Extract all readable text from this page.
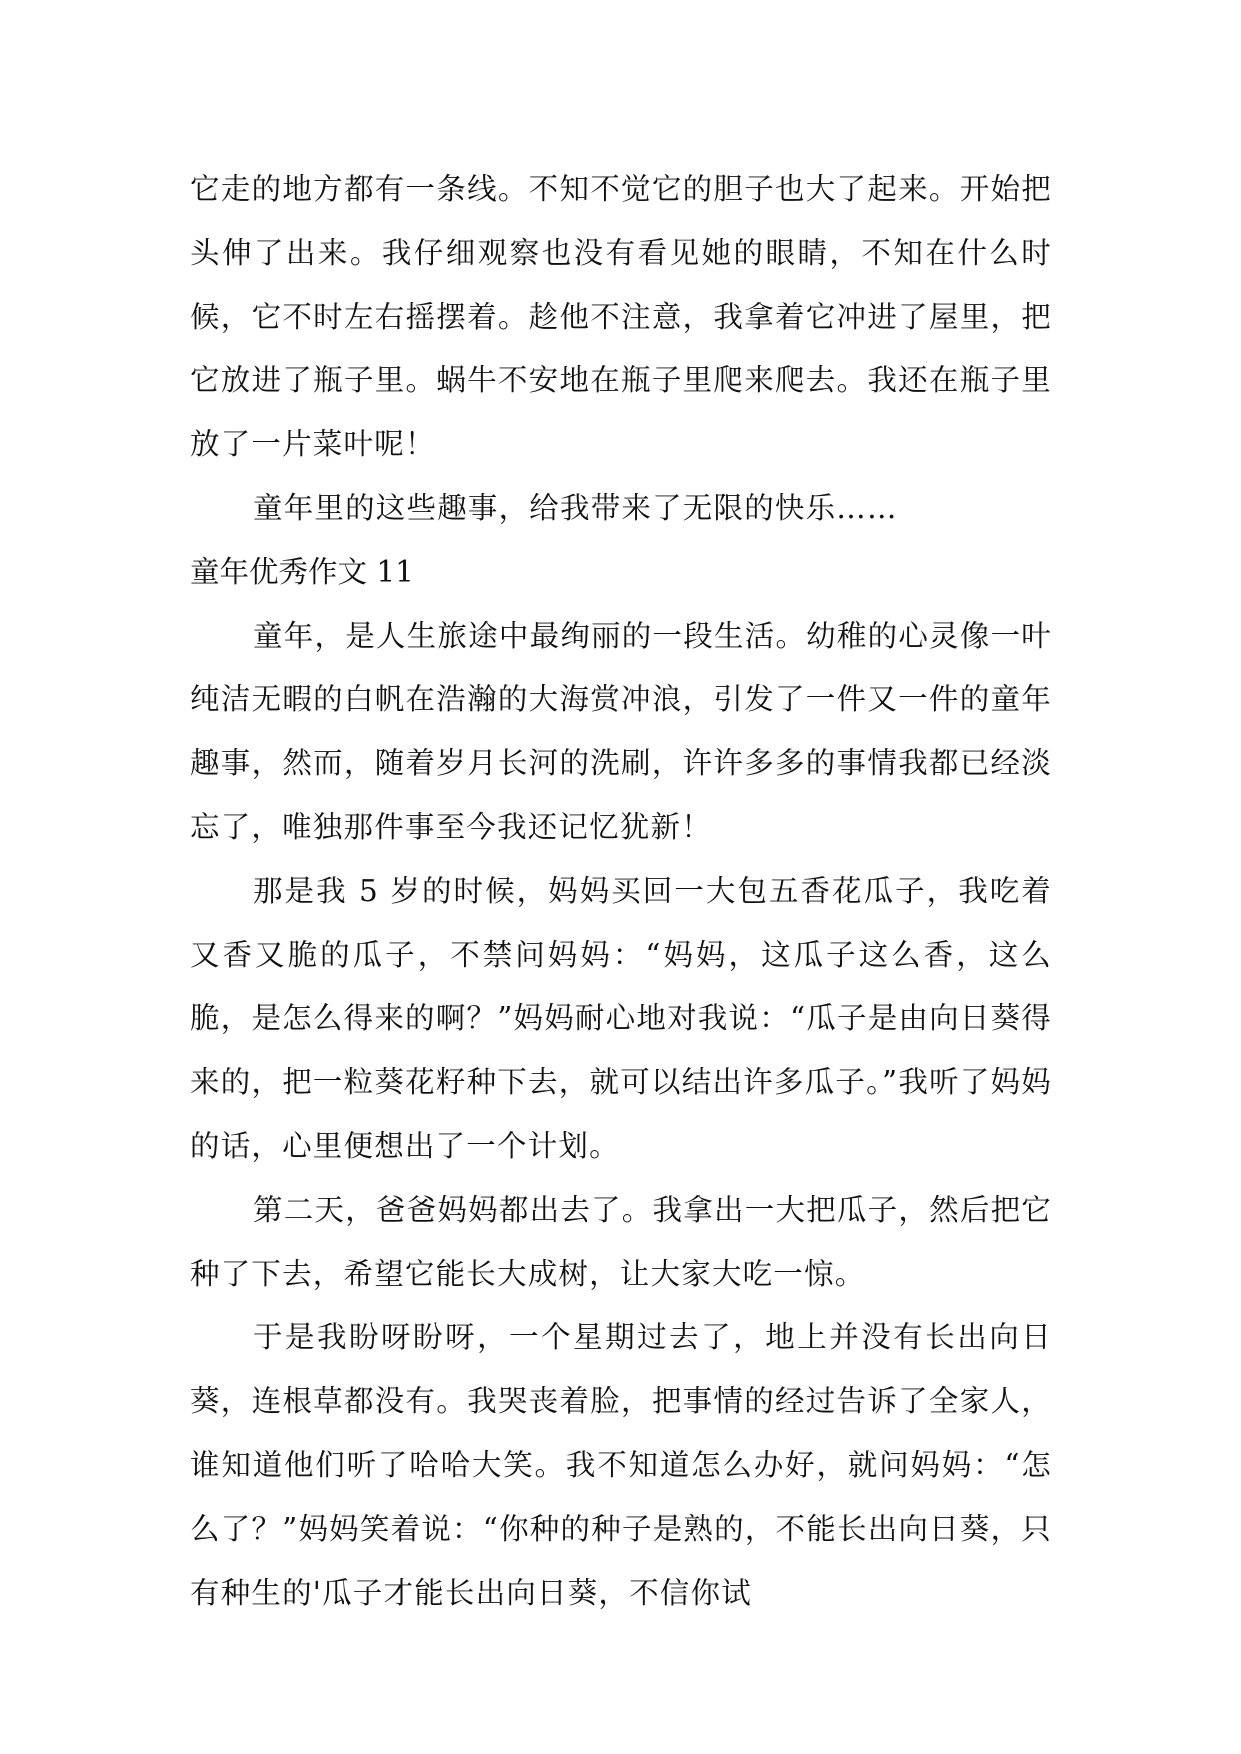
它走的地方都有一条线。不知不觉它的胆子也大了起来。开始把头伸了出来。我仔细观察也没有看见她的眼睛，不知在什么时候，它不时左右摇摆着。趁他不注意，我拿着它冲进了屋里，把它放进了瓶子里。蜗牛不安地在瓶子里爬来爬去。我还在瓶子里放了一片菜叶呢！

童年里的这些趣事，给我带来了无限的快乐……

童年优秀作文 11

童年，是人生旅途中最绚丽的一段生活。幼稚的心灵像一叶纯洁无暇的白帆在浩瀚的大海赏冲浪，引发了一件又一件的童年趣事，然而，随着岁月长河的洗刷，许许多多的事情我都已经淡忘了，唯独那件事至今我还记忆犹新！

那是我 5 岁的时候，妈妈买回一大包五香花瓜子，我吃着又香又脆的瓜子，不禁问妈妈：“妈妈，这瓜子这么香，这么脆，是怎么得来的啊？”妈妈耐心地对我说：“瓜子是由向日葵得来的，把一粒葵花籽种下去，就可以结出许多瓜子。”我听了妈妈的话，心里便想出了一个计划。

第二天，爸爸妈妈都出去了。我拿出一大把瓜子，然后把它种了下去，希望它能长大成树，让大家大吃一惊。

于是我盼呀盼呀，一个星期过去了，地上并没有长出向日葵，连根草都没有。我哭丧着脸，把事情的经过告诉了全家人，谁知道他们听了哈哈大笑。我不知道怎么办好，就问妈妈：“怎么了？”妈妈笑着说：“你种的种子是熟的，不能长出向日葵，只有种生的'瓜子才能长出向日葵，不信你试
